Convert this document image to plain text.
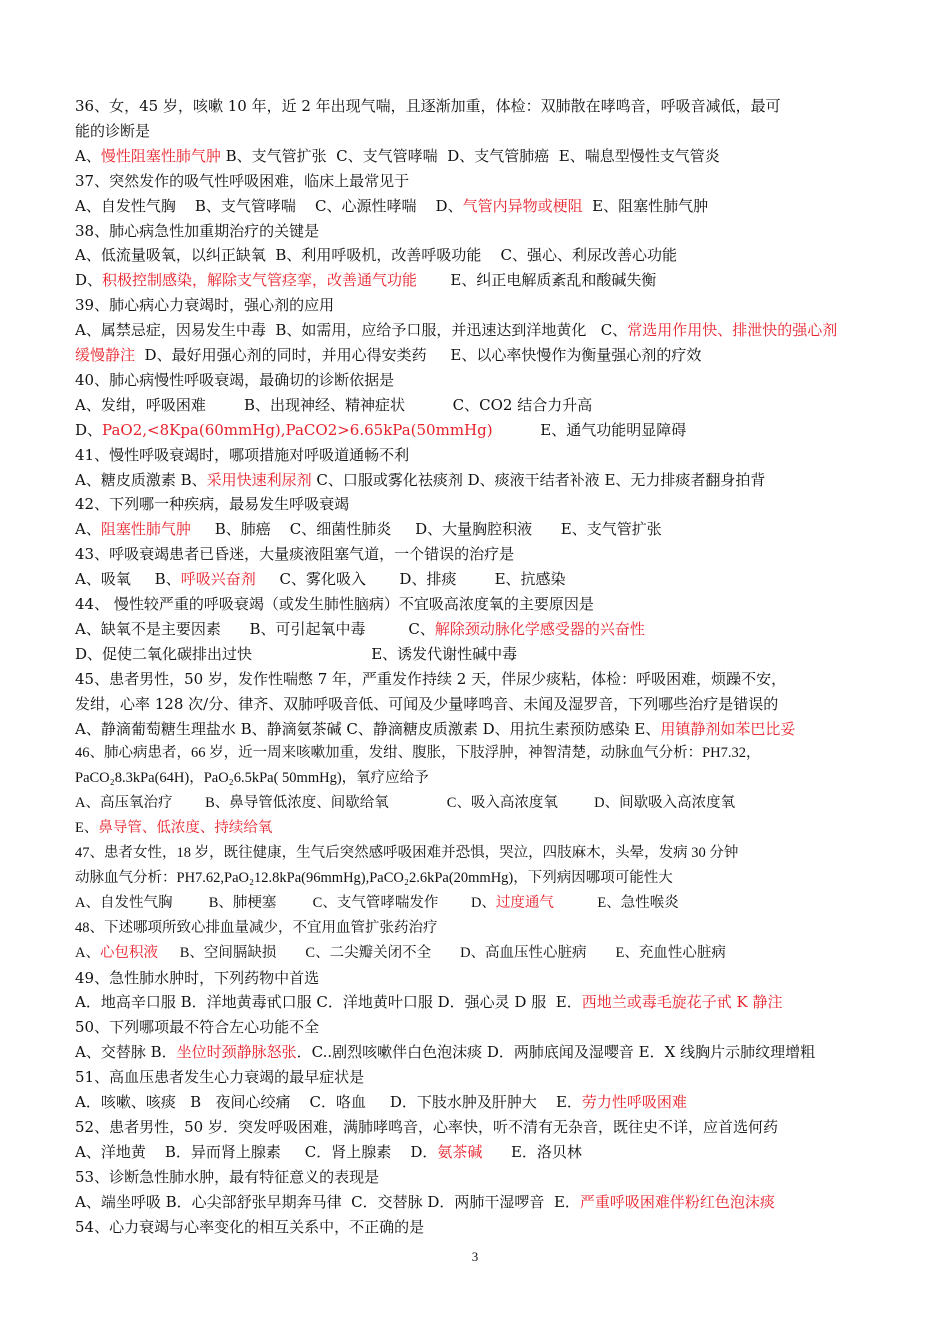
36、女，45 岁，咳嗽 10 年，近 2 年出现气喘，且逐渐加重，体检：双肺散在哮鸣音，呼吸音减低，最可
能的诊断是
A、慢性阻塞性肺气肿 B、支气管扩张  C、支气管哮喘  D、支气管肺癌  E、喘息型慢性支气管炎
37、突然发作的吸气性呼吸困难，临床上最常见于
A、自发性气胸    B、支气管哮喘    C、心源性哮喘    D、气管内异物或梗阻  E、阻塞性肺气肿
38、肺心病急性加重期治疗的关键是
A、低流量吸氧，以纠正缺氧  B、利用呼吸机，改善呼吸功能    C、强心、利尿改善心功能
D、积极控制感染，解除支气管痉挛，改善通气功能       E、纠正电解质紊乱和酸碱失衡
39、肺心病心力衰竭时，强心剂的应用
A、属禁忌症，因易发生中毒  B、如需用，应给予口服，并迅速达到洋地黄化   C、常选用作用快、排泄快的强心剂
缓慢静注  D、最好用强心剂的同时，并用心得安类药     E、以心率快慢作为衡量强心剂的疗效
40、肺心病慢性呼吸衰竭，最确切的诊断依据是
A、发绀，呼吸困难        B、出现神经、精神症状          C、CO2 结合力升高
D、PaO2,<8Kpa(60mmHg),PaCO2>6.65kPa(50mmHg)          E、通气功能明显障碍
41、慢性呼吸衰竭时，哪项措施对呼吸道通畅不利
A、糖皮质激素 B、采用快速利尿剂 C、口服或雾化祛痰剂 D、痰液干结者补液 E、无力排痰者翻身拍背
42、下列哪一种疾病，最易发生呼吸衰竭
A、阻塞性肺气肿     B、肺癌    C、细菌性肺炎     D、大量胸腔积液      E、支气管扩张
43、呼吸衰竭患者已昏迷，大量痰液阻塞气道，一个错误的治疗是
A、吸氧     B、呼吸兴奋剂     C、雾化吸入       D、排痰        E、抗感染
44、 慢性较严重的呼吸衰竭（或发生肺性脑病）不宜吸高浓度氧的主要原因是
A、缺氧不是主要因素      B、可引起氧中毒         C、解除颈动脉化学感受器的兴奋性
D、促使二氧化碳排出过快                         E、诱发代谢性碱中毒
45、患者男性，50 岁，发作性喘憋 7 年，严重发作持续 2 天，伴尿少痰粘，体检：呼吸困难，烦躁不安，
发绀，心率 128 次/分、律齐、双肺呼吸音低、可闻及少量哮鸣音、未闻及湿罗音，下列哪些治疗是错误的
A、静滴葡萄糖生理盐水 B、静滴氨茶碱 C、静滴糖皮质激素 D、用抗生素预防感染 E、用镇静剂如苯巴比妥
46、肺心病患者，66 岁，近一周来咳嗽加重，发绀、腹胀，下肢浮肿，神智清楚，动脉血气分析：PH7.32，
PaCO₂8.3kPa(64H)，PaO₂6.5kPa( 50mmHg)，氧疗应给予
A、高压氧治疗         B、鼻导管低浓度、间歇给氧                C、吸入高浓度氧          D、间歇吸入高浓度氧
E、鼻导管、低浓度、持续给氧
47、患者女性，18 岁，既往健康，生气后突然感呼吸困难并恐惧，哭泣，四肢麻木，头晕，发病 30 分钟
动脉血气分析：PH7.62,PaO₂12.8kPa(96mmHg),PaCO₂2.6kPa(20mmHg)，下列病因哪项可能性大
A、自发性气胸          B、肺梗塞          C、支气管哮喘发作         D、过度通气            E、急性喉炎
48、下述哪项所致心排血量减少，不宜用血管扩张药治疗
A、心包积液      B、空间膈缺损        C、二尖瓣关闭不全        D、高血压性心脏病        E、充血性心脏病
49、急性肺水肿时，下列药物中首选
A．地高辛口服 B．洋地黄毒甙口服 C．洋地黄叶口服 D．强心灵 D 服  E．西地兰或毒毛旋花子甙 K 静注
50、下列哪项最不符合左心功能不全
A、交替脉 B．坐位时颈静脉怒张．C..剧烈咳嗽伴白色泡沫痰 D．两肺底闻及湿嘤音 E．X 线胸片示肺纹理增粗
51、高血压患者发生心力衰竭的最早症状是
A．咳嗽、咳痰   B   夜间心绞痛    C．咯血     D．下肢水肿及肝肿大    E．劳力性呼吸困难
52、患者男性，50 岁．突发呼吸困难，满肺哮鸣音，心率快，听不清有无杂音，既往史不详，应首选何药
A、洋地黄    B．异而肾上腺素     C．肾上腺素    D．氨茶碱      E．洛贝林
53、诊断急性肺水肿，最有特征意义的表现是
A、端坐呼吸 B．心尖部舒张早期奔马律  C．交替脉 D．两肺干湿啰音  E．严重呼吸困难伴粉红色泡沫痰
54、心力衰竭与心率变化的相互关系中，不正确的是
3
